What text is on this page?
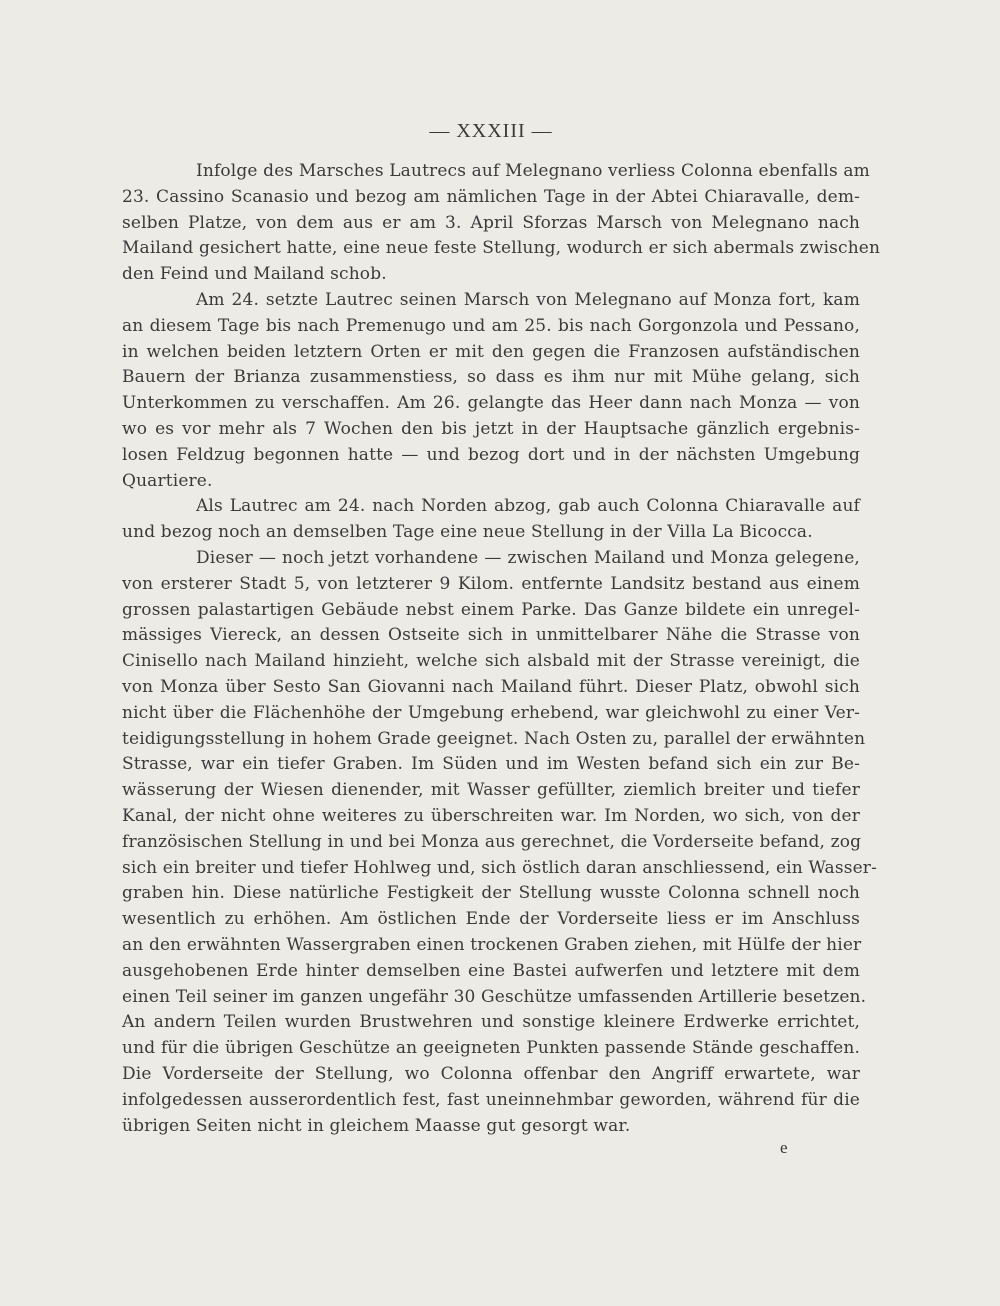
— XXXIII —
Infolge des Marsches Lautrecs auf Melegnano verliess Colonna ebenfalls am
23. Cassino Scanasio und bezog am nämlichen Tage in der Abtei Chiaravalle, dem-
selben Platze, von dem aus er am 3. April Sforzas Marsch von Melegnano nach
Mailand gesichert hatte, eine neue feste Stellung, wodurch er sich abermals zwischen
den Feind und Mailand schob.
Am 24. setzte Lautrec seinen Marsch von Melegnano auf Monza fort, kam
an diesem Tage bis nach Premenugo und am 25. bis nach Gorgonzola und Pessano,
in welchen beiden letztern Orten er mit den gegen die Franzosen aufständischen
Bauern der Brianza zusammenstiess, so dass es ihm nur mit Mühe gelang, sich
Unterkommen zu verschaffen. Am 26. gelangte das Heer dann nach Monza — von
wo es vor mehr als 7 Wochen den bis jetzt in der Hauptsache gänzlich ergebnis-
losen Feldzug begonnen hatte — und bezog dort und in der nächsten Umgebung
Quartiere.
Als Lautrec am 24. nach Norden abzog, gab auch Colonna Chiaravalle auf
und bezog noch an demselben Tage eine neue Stellung in der Villa La Bicocca.
Dieser — noch jetzt vorhandene — zwischen Mailand und Monza gelegene,
von ersterer Stadt 5, von letzterer 9 Kilom. entfernte Landsitz bestand aus einem
grossen palastartigen Gebäude nebst einem Parke. Das Ganze bildete ein unregel-
mässiges Viereck, an dessen Ostseite sich in unmittelbarer Nähe die Strasse von
Cinisello nach Mailand hinzieht, welche sich alsbald mit der Strasse vereinigt, die
von Monza über Sesto San Giovanni nach Mailand führt. Dieser Platz, obwohl sich
nicht über die Flächenhöhe der Umgebung erhebend, war gleichwohl zu einer Ver-
teidigungsstellung in hohem Grade geeignet. Nach Osten zu, parallel der erwähnten
Strasse, war ein tiefer Graben. Im Süden und im Westen befand sich ein zur Be-
wässerung der Wiesen dienender, mit Wasser gefüllter, ziemlich breiter und tiefer
Kanal, der nicht ohne weiteres zu überschreiten war. Im Norden, wo sich, von der
französischen Stellung in und bei Monza aus gerechnet, die Vorderseite befand, zog
sich ein breiter und tiefer Hohlweg und, sich östlich daran anschliessend, ein Wasser-
graben hin. Diese natürliche Festigkeit der Stellung wusste Colonna schnell noch
wesentlich zu erhöhen. Am östlichen Ende der Vorderseite liess er im Anschluss
an den erwähnten Wassergraben einen trockenen Graben ziehen, mit Hülfe der hier
ausgehobenen Erde hinter demselben eine Bastei aufwerfen und letztere mit dem
einen Teil seiner im ganzen ungefähr 30 Geschütze umfassenden Artillerie besetzen.
An andern Teilen wurden Brustwehren und sonstige kleinere Erdwerke errichtet,
und für die übrigen Geschütze an geeigneten Punkten passende Stände geschaffen.
Die Vorderseite der Stellung, wo Colonna offenbar den Angriff erwartete, war
infolgedessen ausserordentlich fest, fast uneinnehmbar geworden, während für die
übrigen Seiten nicht in gleichem Maasse gut gesorgt war.
e
